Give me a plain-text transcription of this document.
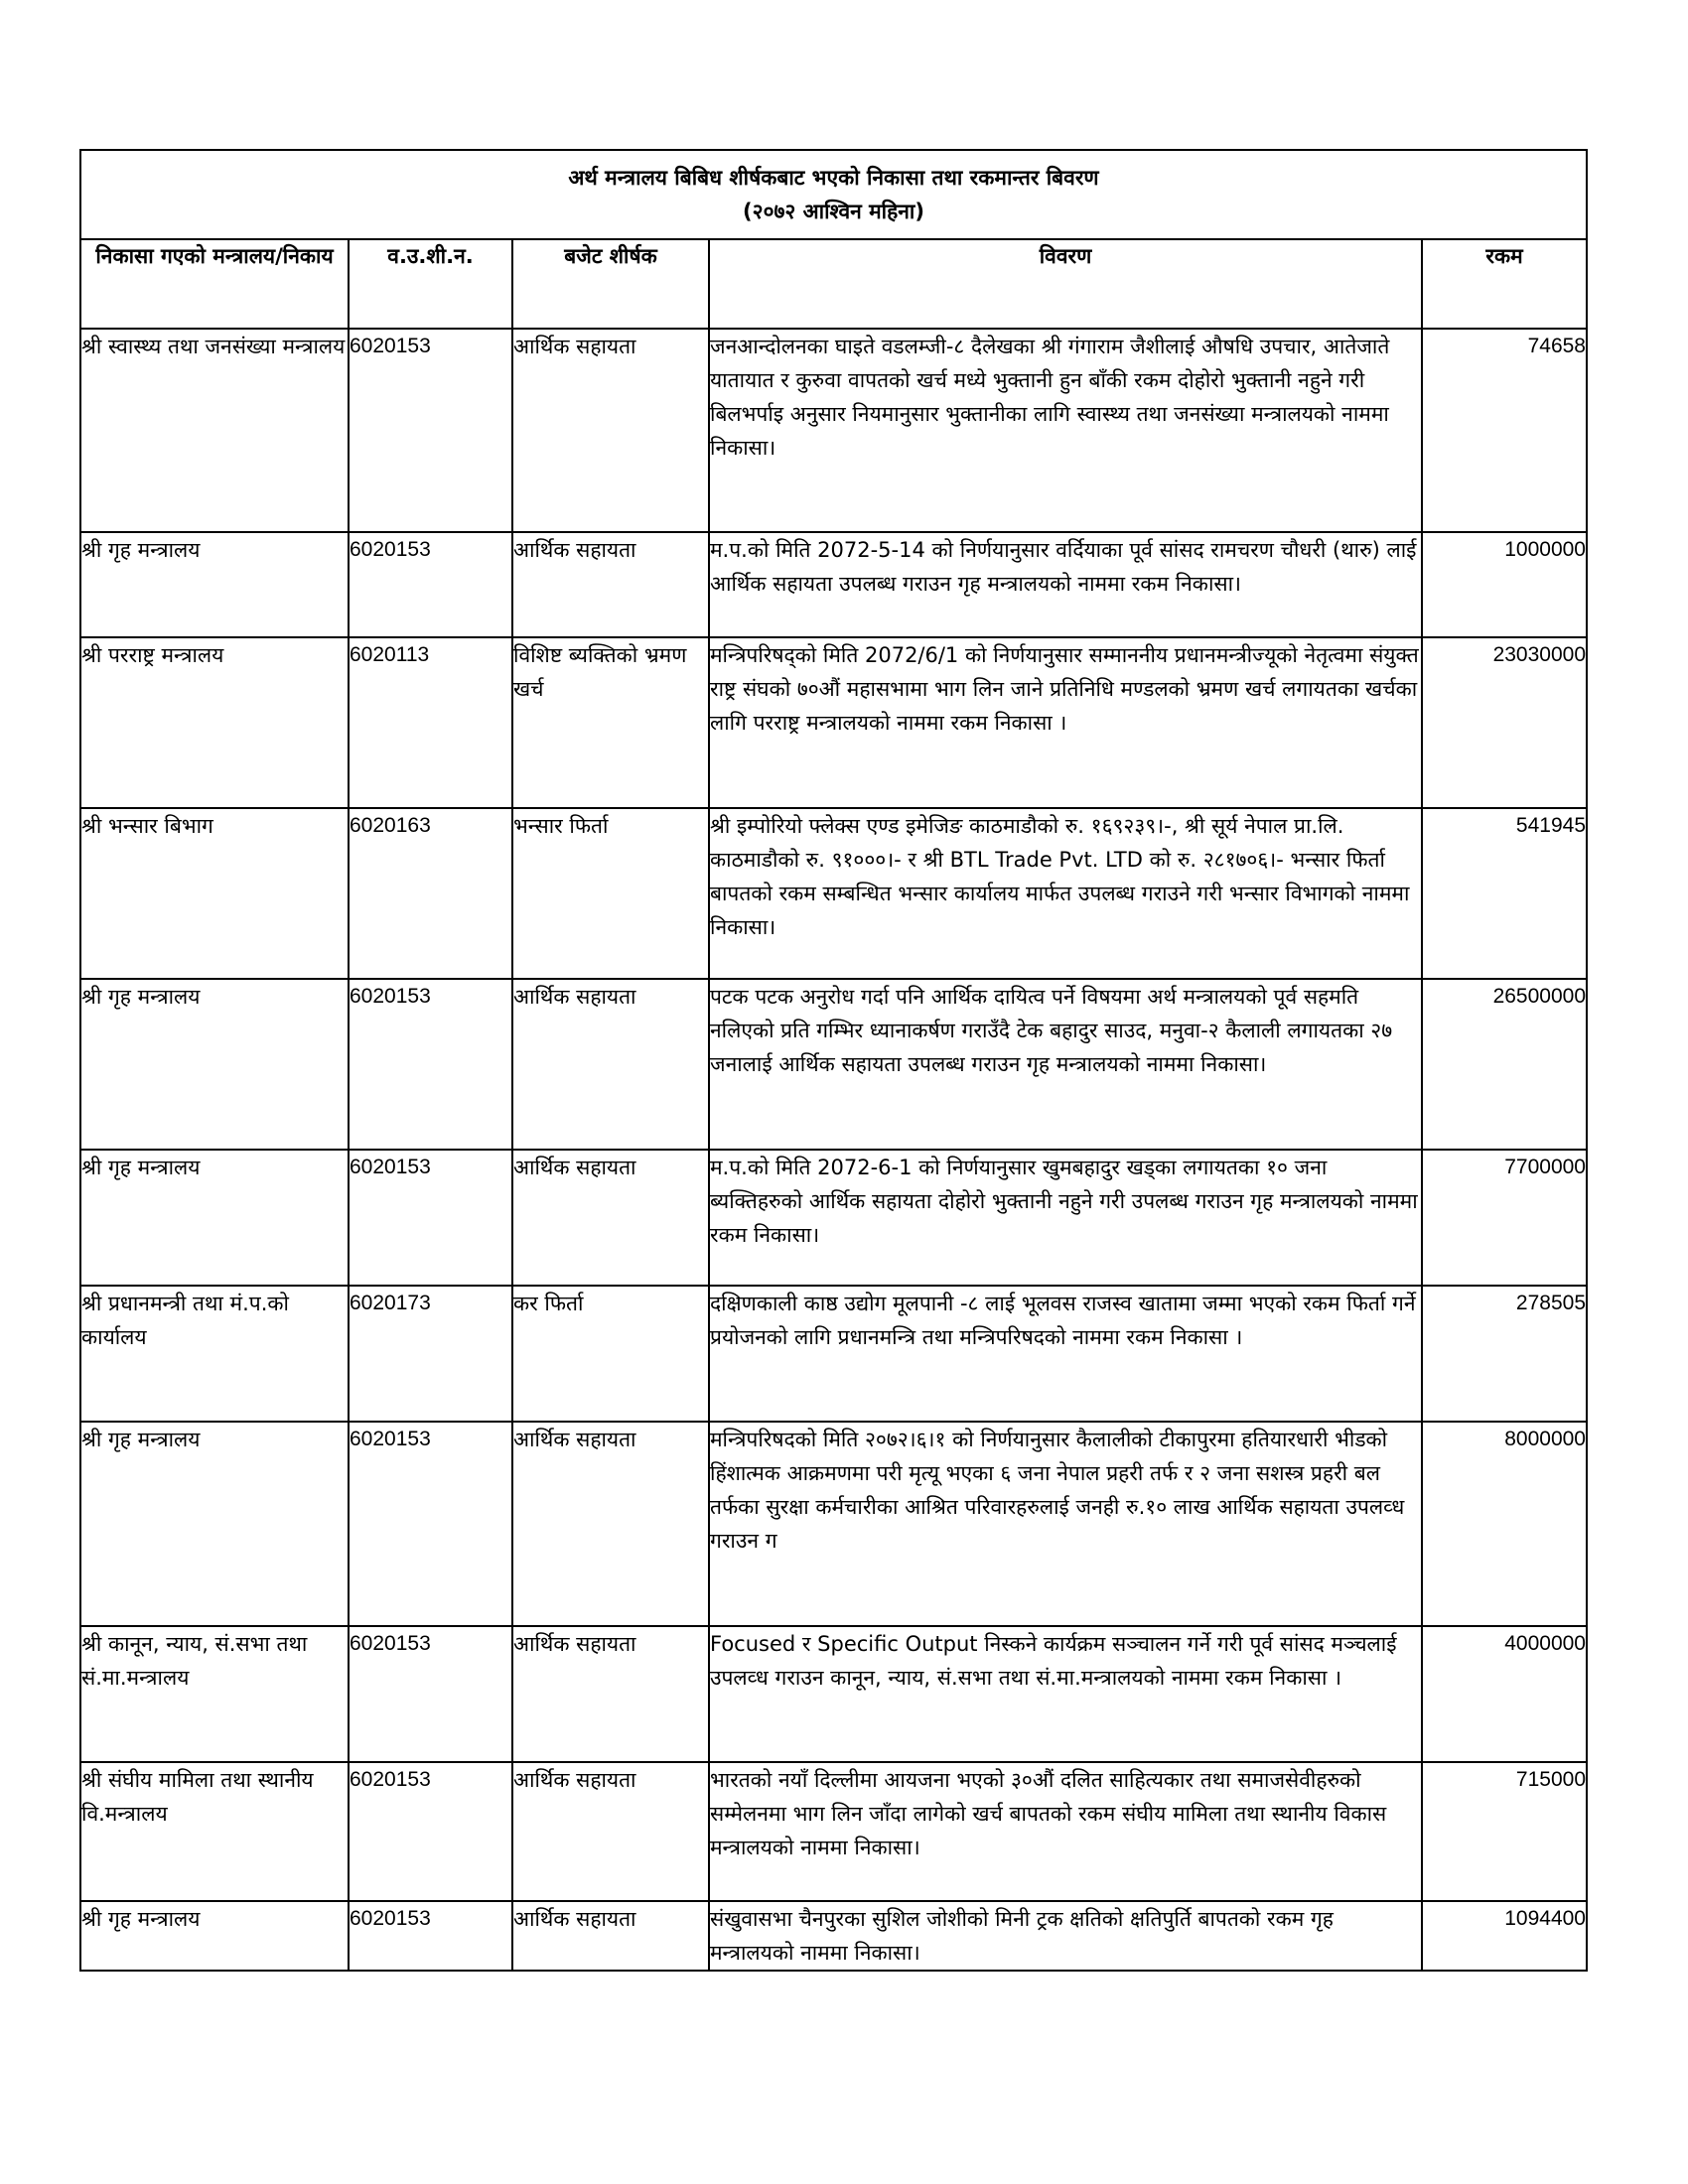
अर्थ मन्त्रालय बिबिध शीर्षकबाट भएको निकासा तथा रकमान्तर बिवरण
(२०७२ आश्विन महिना)				

निकासा गएको मन्त्रालय/निकाय	व.उ.शी.न.	बजेट शीर्षक	विवरण	रकम
श्री स्वास्थ्य तथा जनसंख्या मन्त्रालय	6020153	आर्थिक सहायता	जनआन्दोलनका घाइते वडलम्जी-८ दैलेखका श्री गंगाराम जैशीलाई औषधि उपचार, आतेजाते यातायात र कुरुवा वापतको खर्च मध्ये भुक्तानी हुन बाँकी रकम दोहोरो भुक्तानी नहुने गरी बिलभर्पाइ अनुसार नियमानुसार भुक्तानीका लागि स्वास्थ्य तथा जनसंख्या मन्त्रालयको नाममा निकासा।	74658
श्री गृह मन्त्रालय	6020153	आर्थिक सहायता	म.प.को मिति 2072-5-14 को निर्णयानुसार वर्दियाका पूर्व सांसद रामचरण चौधरी (थारु) लाई आर्थिक सहायता उपलब्ध गराउन गृह मन्त्रालयको नाममा रकम निकासा।	1000000
श्री परराष्ट्र मन्त्रालय	6020113	विशिष्ट ब्यक्तिको भ्रमण खर्च	मन्त्रिपरिषद्को मिति 2072/6/1 को निर्णयानुसार सम्माननीय प्रधानमन्त्रीज्यूको नेतृत्वमा संयुक्त राष्ट्र संघको ७०औं महासभामा भाग लिन जाने प्रतिनिधि मण्डलको भ्रमण खर्च लगायतका खर्चका लागि परराष्ट्र मन्त्रालयको नाममा रकम निकासा ।	23030000
श्री भन्सार बिभाग	6020163	भन्सार फिर्ता	श्री इम्पोरियो फ्लेक्स एण्ड इमेजिङ काठमाडौको रु. १६९२३९।-, श्री सूर्य नेपाल प्रा.लि. काठमाडौको रु. ९१०००।- र श्री BTL Trade Pvt. LTD को रु. २८१७०६।- भन्सार फिर्ता बापतको रकम सम्बन्धित भन्सार कार्यालय मार्फत उपलब्ध गराउने गरी भन्सार विभागको नाममा निकासा।	541945
श्री गृह मन्त्रालय	6020153	आर्थिक सहायता	पटक पटक अनुरोध गर्दा पनि आर्थिक दायित्व पर्ने विषयमा अर्थ मन्त्रालयको पूर्व सहमति नलिएको प्रति गम्भिर ध्यानाकर्षण गराउँदै टेक बहादुर साउद, मनुवा-२ कैलाली लगायतका २७ जनालाई आर्थिक सहायता उपलब्ध गराउन गृह मन्त्रालयको नाममा निकासा।	26500000
श्री गृह मन्त्रालय	6020153	आर्थिक सहायता	म.प.को मिति 2072-6-1 को निर्णयानुसार खुमबहादुर खड्का लगायतका १० जना ब्यक्तिहरुको आर्थिक सहायता दोहोरो भुक्तानी नहुने गरी उपलब्ध गराउन गृह मन्त्रालयको नाममा रकम निकासा।	7700000
श्री प्रधानमन्त्री तथा मं.प.को कार्यालय	6020173	कर फिर्ता	दक्षिणकाली काष्ठ उद्योग मूलपानी -८ लाई भूलवस राजस्व खातामा जम्मा भएको रकम फिर्ता गर्ने प्रयोजनको लागि प्रधानमन्त्रि तथा मन्त्रिपरिषदको नाममा रकम निकासा ।	278505
श्री गृह मन्त्रालय	6020153	आर्थिक सहायता	मन्त्रिपरिषदको मिति २०७२।६।१ को निर्णयानुसार कैलालीको टीकापुरमा हतियारधारी भीडको हिंशात्मक आक्रमणमा परी मृत्यू भएका ६ जना नेपाल प्रहरी तर्फ र २ जना सशस्त्र प्रहरी बल तर्फका सुरक्षा कर्मचारीका आश्रित परिवारहरुलाई जनही रु.१० लाख आर्थिक सहायता उपलव्ध गराउन ग	8000000
श्री कानून, न्याय, सं.सभा तथा सं.मा.मन्त्रालय	6020153	आर्थिक सहायता	Focused र Specific Output निस्कने कार्यक्रम सञ्चालन गर्ने गरी पूर्व सांसद मञ्चलाई उपलव्ध गराउन कानून, न्याय, सं.सभा तथा सं.मा.मन्त्रालयको नाममा रकम निकासा ।	4000000
श्री संघीय मामिला तथा स्थानीय वि.मन्त्रालय	6020153	आर्थिक सहायता	भारतको नयाँ दिल्लीमा आयजना भएको ३०औं दलित साहित्यकार तथा समाजसेवीहरुको सम्मेलनमा भाग लिन जाँदा लागेको खर्च बापतको रकम संघीय मामिला तथा स्थानीय विकास मन्त्रालयको नाममा निकासा।	715000
श्री गृह मन्त्रालय	6020153	आर्थिक सहायता	संखुवासभा चैनपुरका सुशिल जोशीको मिनी ट्रक क्षतिको क्षतिपुर्ति बापतको रकम गृह मन्त्रालयको नाममा निकासा।	1094400
